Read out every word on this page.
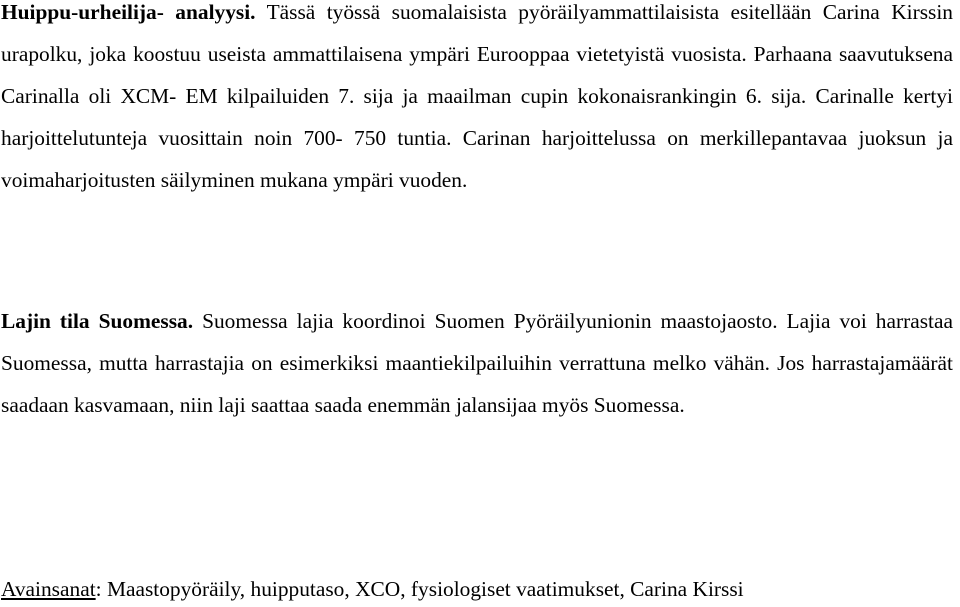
Huippu-urheilija- analyysi. Tässä työssä suomalaisista pyöräilyammattilaisista esitellään Carina Kirssin urapolku, joka koostuu useista ammattilaisena ympäri Eurooppaa vietetyistä vuosista. Parhaana saavutuksena Carinalla oli XCM- EM kilpailuiden 7. sija ja maailman cupin kokonaisrankingin 6. sija. Carinalle kertyi harjoittelutunteja vuosittain noin 700- 750 tuntia. Carinan harjoittelussa on merkillepantavaa juoksun ja voimaharjoitusten säilyminen mukana ympäri vuoden.

Lajin tila Suomessa. Suomessa lajia koordinoi Suomen Pyöräilyunionin maastojaosto. Lajia voi harrastaa Suomessa, mutta harrastajia on esimerkiksi maantiekilpailuihin verrattuna melko vähän. Jos harrastajamäärät saadaan kasvamaan, niin laji saattaa saada enemmän jalansijaa myös Suomessa.

Avainsanat: Maastopyöräily, huipputaso, XCO, fysiologiset vaatimukset, Carina Kirssi
